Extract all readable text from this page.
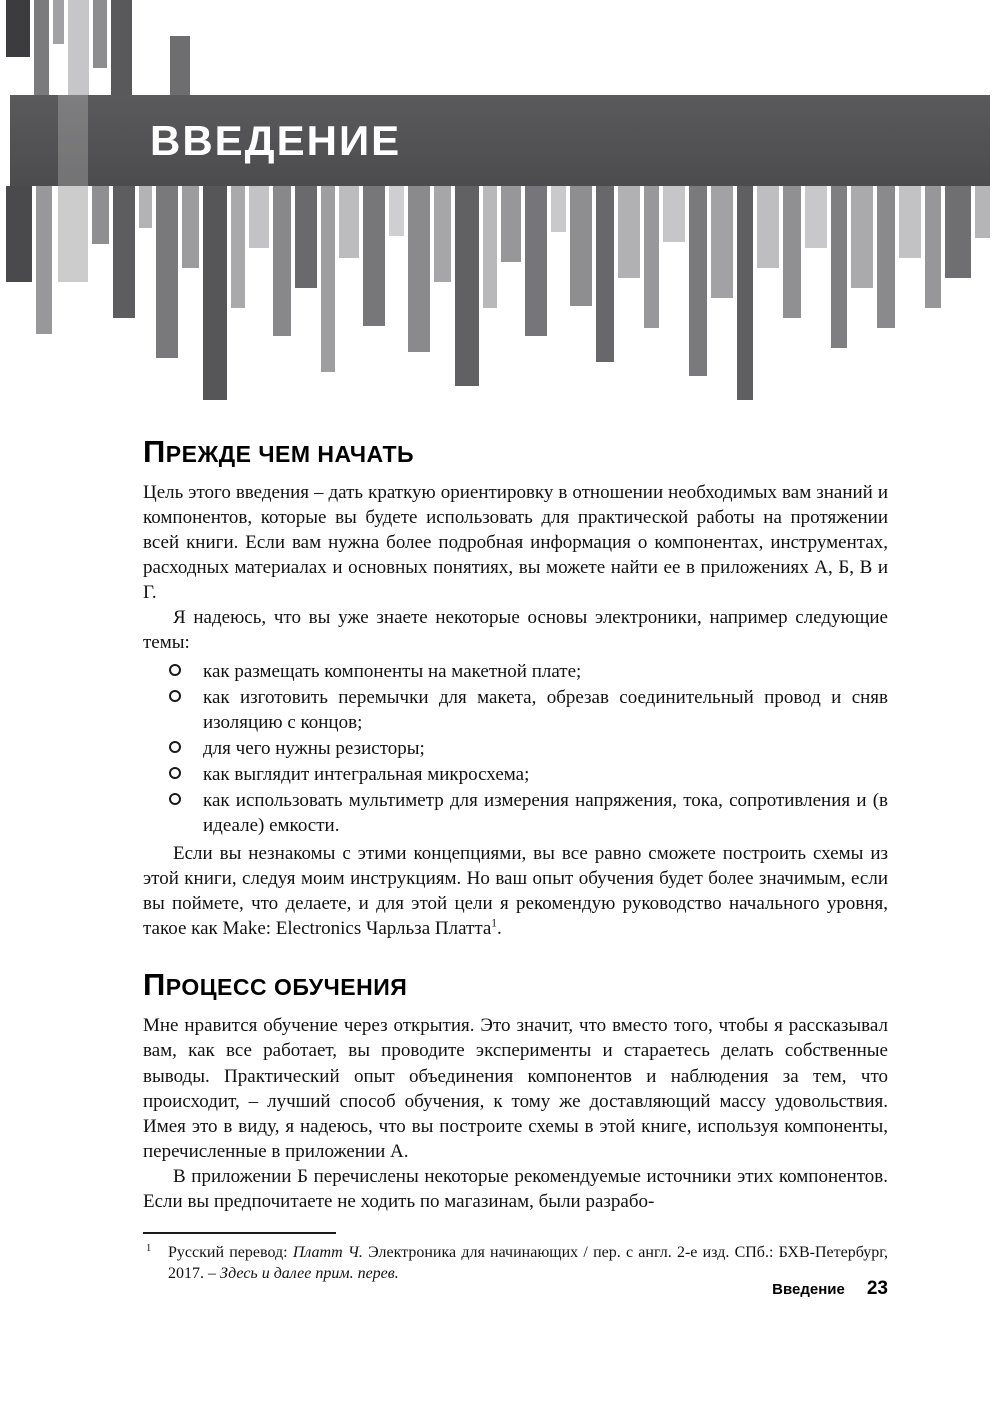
ВВЕДЕНИЕ
ПРЕЖДЕ ЧЕМ НАЧАТЬ

Цель этого введения – дать краткую ориентировку в отношении необходимых вам знаний и компонентов, которые вы будете использовать для практической работы на протяжении всей книги. Если вам нужна более подробная информация о компонентах, инструментах, расходных материалах и основных понятиях, вы можете найти ее в приложениях А, Б, В и Г.

Я надеюсь, что вы уже знаете некоторые основы электроники, например следующие темы:

как размещать компоненты на макетной плате;
как изготовить перемычки для макета, обрезав соединительный провод и сняв изоляцию с концов;
для чего нужны резисторы;
как выглядит интегральная микросхема;
как использовать мультиметр для измерения напряжения, тока, сопротивления и (в идеале) емкости.

Если вы незнакомы с этими концепциями, вы все равно сможете построить схемы из этой книги, следуя моим инструкциям. Но ваш опыт обучения будет более значимым, если вы поймете, что делаете, и для этой цели я рекомендую руководство начального уровня, такое как Make: Electronics Чарльза Платта$^1$.

ПРОЦЕСС ОБУЧЕНИЯ

Мне нравится обучение через открытия. Это значит, что вместо того, чтобы я рассказывал вам, как все работает, вы проводите эксперименты и стараетесь делать собственные выводы. Практический опыт объединения компонентов и наблюдения за тем, что происходит, – лучший способ обучения, к тому же доставляющий массу удовольствия. Имея это в виду, я надеюсь, что вы построите схемы в этой книге, используя компоненты, перечисленные в приложении А.

В приложении Б перечислены некоторые рекомендуемые источники этих компонентов. Если вы предпочитаете не ходить по магазинам, были разрабо-

1 Русский перевод: Платт Ч. Электроника для начинающих / пер. с англ. 2-е изд. СПб.: БХВ-Петербург, 2017. – Здесь и далее прим. перев.
Введение 23
